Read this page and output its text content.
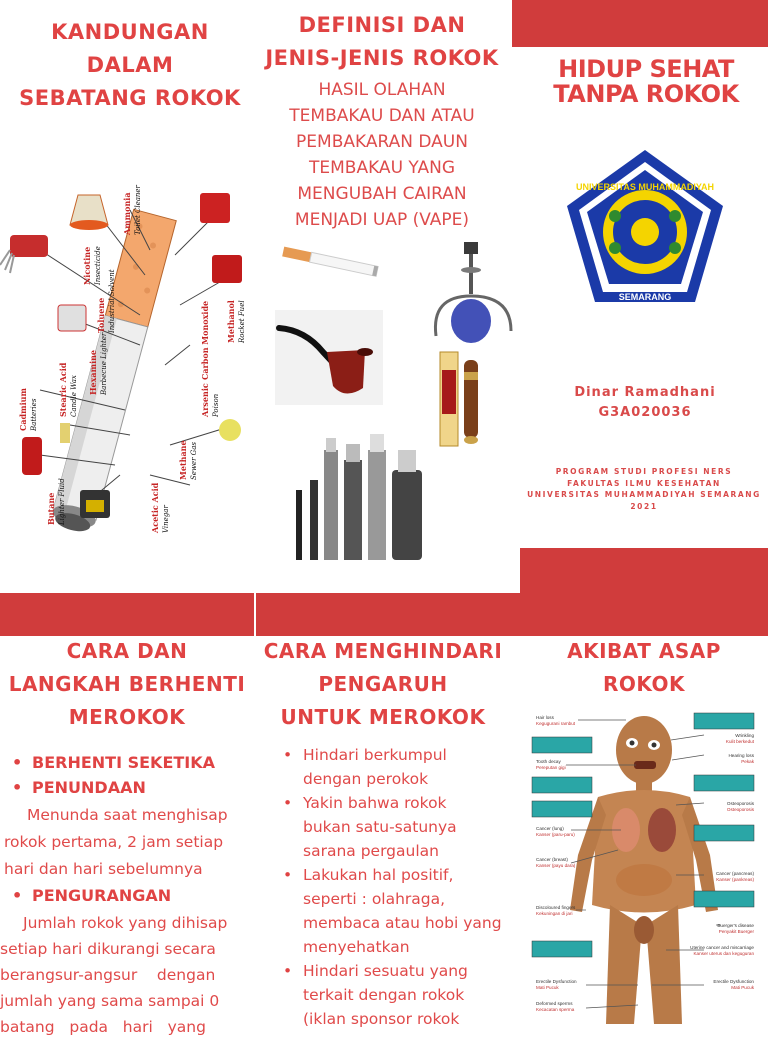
KANDUNGAN
DALAM
SEBATANG ROKOK
Cadmium	Stearic Acid	Hexamine
Toluene
Nicotine
Ammonia
Carbon Monoxide Methanol
Arsenic
Methane
Acetic Acid
Butane
Batteries	Candle Wax
Barbecue Lighter
Industrial Solvent
Insecticide
Toilet Cleaner
Rocket Fuel
Poison
Sewer Gas
Vinegar
Lighter Fluid
DEFINISI DAN
JENIS-JENIS ROKOK
HASIL OLAHAN
TEMBAKAU DAN ATAU
PEMBAKARAN DAUN
TEMBAKAU YANG
MENGUBAH CAIRAN
MENJADI UAP (VAPE)
HIDUP SEHAT
TANPA ROKOK
UNIVERSITAS MUHAMMADIYAH
SEMARANG
Dinar Ramadhani
G3A020036
PROGRAM STUDI PROFESI NERS
FAKULTAS ILMU KESEHATAN
UNIVERSITAS MUHAMMADIYAH SEMARANG
2021
CARA DAN
LANGKAH BERHENTI
MEROKOK
• BERHENTI SEKETIKA
• PENUNDAAN
Menunda saat menghisap
rokok pertama, 2 jam setiap
hari dan hari sebelumnya
• PENGURANGAN
Jumlah rokok yang dihisap
setiap hari dikurangi secara
berangsur-angsur    dengan
jumlah yang sama sampai 0
batang   pada   hari   yang
CARA MENGHINDARI
PENGARUH
UNTUK MEROKOK
• Hindari berkumpul
dengan perokok
• Yakin bahwa rokok
bukan satu-satunya
sarana pergaulan
• Lakukan hal positif,
seperti : olahraga,
membaca atau hobi yang
menyehatkan
• Hindari sesuatu yang
terkait dengan rokok
(iklan sponsor rokok
AKIBAT ASAP
ROKOK
Hair loss
Kegugurani rambut
Tooth decay
Pereputan gigi
Cancer (lung)
Kanser (paru-paru)
Cancer (breast)
Kanser (payu dara)
Discoloured fingers
Kekuningan di jari
Erectile Dysfunction
Mati Pucuk
Deformed sperms
Kecacatan sperma
Wrinkling
Kulit berkedut
Hearing loss
Pekak
Osteoporosis
Osteoporosis
Cancer (pancreas)
Kanser (pankreas)
Buerger's disease
Penyakit Buerger
Uterine cancer and miscarriage
Kanser uterus dan keguguran
Erectile Dysfunction
Mati Pucuk
